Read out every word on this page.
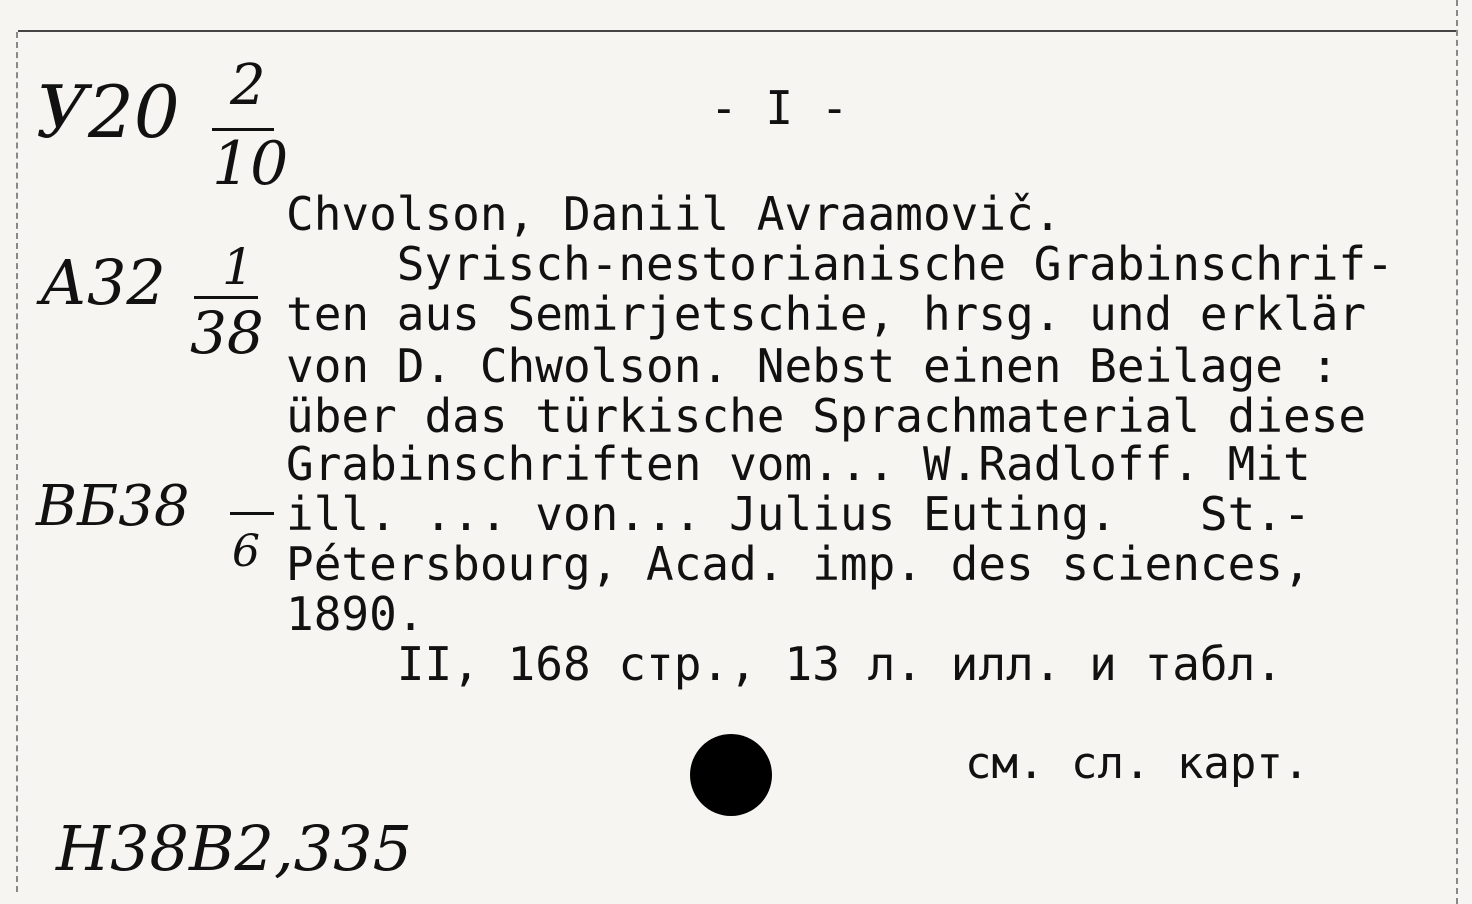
У20 2
10
А32 1
38
ВБ38
6
- I -
Chvolson, Daniil Avraamovič.
Syrisch-nestorianische Grabinschrif-
ten aus Semirjetschie, hrsg. und erklär
von D. Chwolson. Nebst einen Beilage :
über das türkische Sprachmaterial diese
Grabinschriften vom... W.Radloff. Mit
ill. ... von... Julius Euting.   St.-
Pétersbourg, Acad. imp. des sciences,
1890.
II, 168 стр., 13 л. илл. и табл.
см. сл. карт.
Н38В2,335
